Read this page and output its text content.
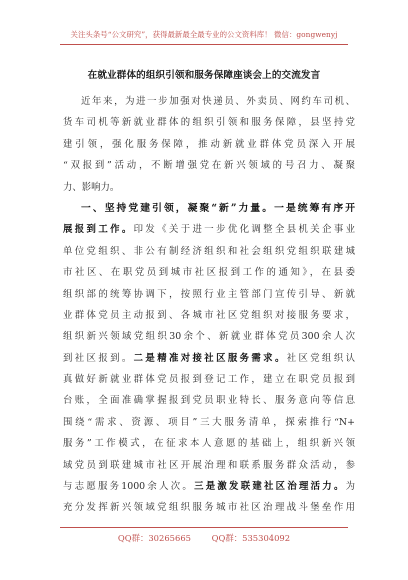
关注头条号“公文研究”，获得最新最全最专业的公文资料库！ 微信：gongwenyj
在就业群体的组织引领和服务保障座谈会上的交流发言
近年来，为进一步加强对快递员、外卖员、网约车司机、
货车司机等新就业群体的组织引领和服务保障，县坚持党
建引领，强化服务保障，推动新就业群体党员深入开展
“双报到”活动，不断增强党在新兴领域的号召力、凝聚
力、影响力。
一、坚持党建引领，凝聚“新”力量。一是统筹有序开
展报到工作。印发《关于进一步优化调整全县机关企事业
单位党组织、非公有制经济组织和社会组织党组织联建城
市社区、在职党员到城市社区报到工作的通知》，在县委
组织部的统筹协调下，按照行业主管部门宣传引导、新就
业群体党员主动报到、各城市社区党组织对接服务要求，
组织新兴领域党组织30余个、新就业群体党员300余人次
到社区报到。二是精准对接社区服务需求。社区党组织认
真做好新就业群体党员报到登记工作，建立在职党员报到
台账，全面准确掌握报到党员职业特长、服务意向等信息
围绕“需求、资源、项目”三大服务清单，探索推行“N+
服务”工作模式，在征求本人意愿的基础上，组织新兴领
域党员到联建城市社区开展治理和联系服务群众活动，参
与志愿服务1000余人次。三是激发联建社区治理活力。为
充分发挥新兴领域党组织服务城市社区治理战斗堡垒作用
QQ群：30265665 QQ群：535304092
